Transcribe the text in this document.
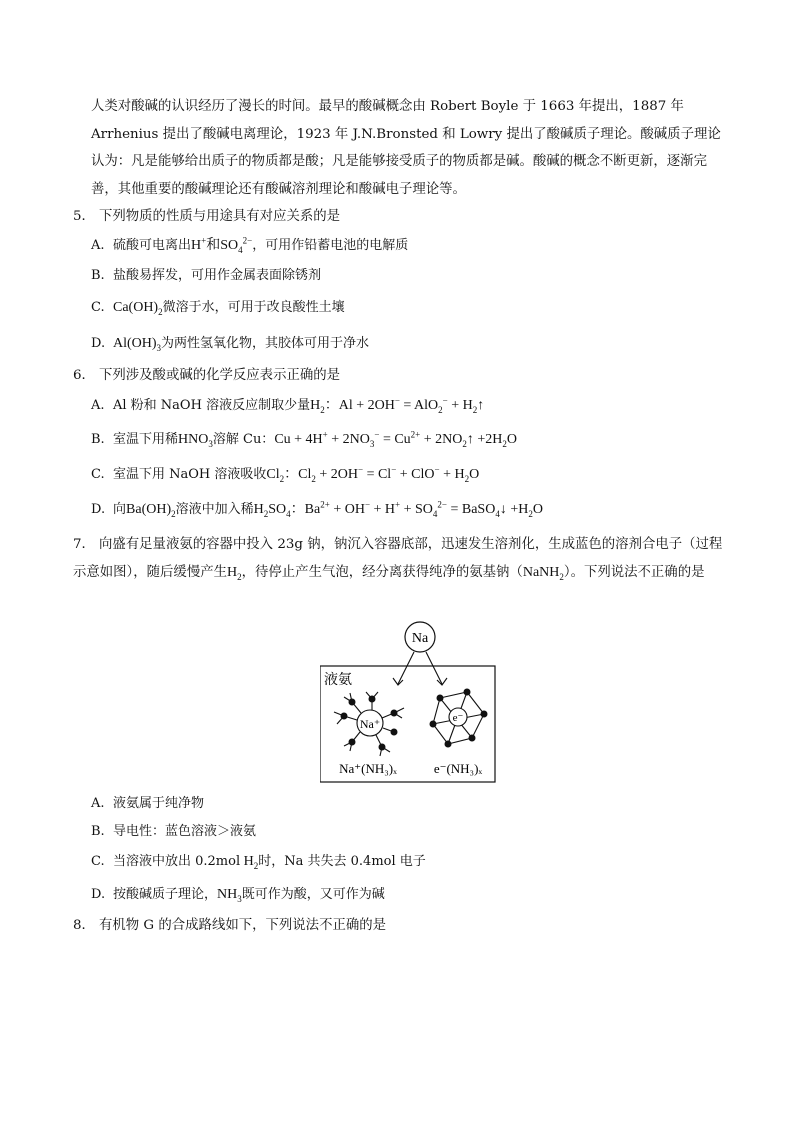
人类对酸碱的认识经历了漫长的时间。最早的酸碱概念由 Robert Boyle 于 1663 年提出，1887 年 Arrhenius 提出了酸碱电离理论，1923 年 J.N.Bronsted 和 Lowry 提出了酸碱质子理论。酸碱质子理论认为：凡是能够给出质子的物质都是酸；凡是能够接受质子的物质都是碱。酸碱的概念不断更新，逐渐完善，其他重要的酸碱理论还有酸碱溶剂理论和酸碱电子理论等。
5． 下列物质的性质与用途具有对应关系的是
A. 硫酸可电离出H+和$SO_4^{2-}$，可用作铅蓄电池的电解质
B. 盐酸易挥发，可用作金属表面除锈剂
C. $Ca(OH)_2$微溶于水，可用于改良酸性土壤
D. $Al(OH)_3$为两性氢氧化物，其胶体可用于净水
6． 下列涉及酸或碱的化学反应表示正确的是
A. Al 粉和 NaOH 溶液反应制取少量$H_2$：$Al + 2OH^- = AlO_2^- + H_2↑$
B. 室温下用稀$HNO_3$溶解 Cu：$Cu + 4H^+ + 2NO_3^- = Cu^{2+}$ + $2NO_2↑ +2H_2O$
C. 室温下用 NaOH 溶液吸收$Cl_2$：$Cl_2 + 2OH^- = Cl^- + ClO^- + H_2O$
D. 向$Ba(OH)_2$溶液中加入稀$H_2SO_4$：$Ba^{2+} + OH^- + H^+ + SO_4^{2-}$ = BaSO$_4$↓ $+H_2O$
7． 向盛有足量液氨的容器中投入 23g 钠，钠沉入容器底部，迅速发生溶剂化，生成蓝色的溶剂合电子（过程示意如图），随后缓慢产生$H_2$，待停止产生气泡，经分离获得纯净的氨基钠（NaNH$_2$）。下列说法不正确的是
Na
液氨
Na⁺	e⁻
Na⁺(NH₃)ₓ	e⁻(NH₃)ₓ
A. 液氨属于纯净物
B. 导电性：蓝色溶液＞液氨
C. 当溶液中放出 0.2mol $H_2$时，Na 共失去 0.4mol 电子
D. 按酸碱质子理论，$NH_3$既可作为酸，又可作为碱
8． 有机物 G 的合成路线如下，下列说法不正确的是
